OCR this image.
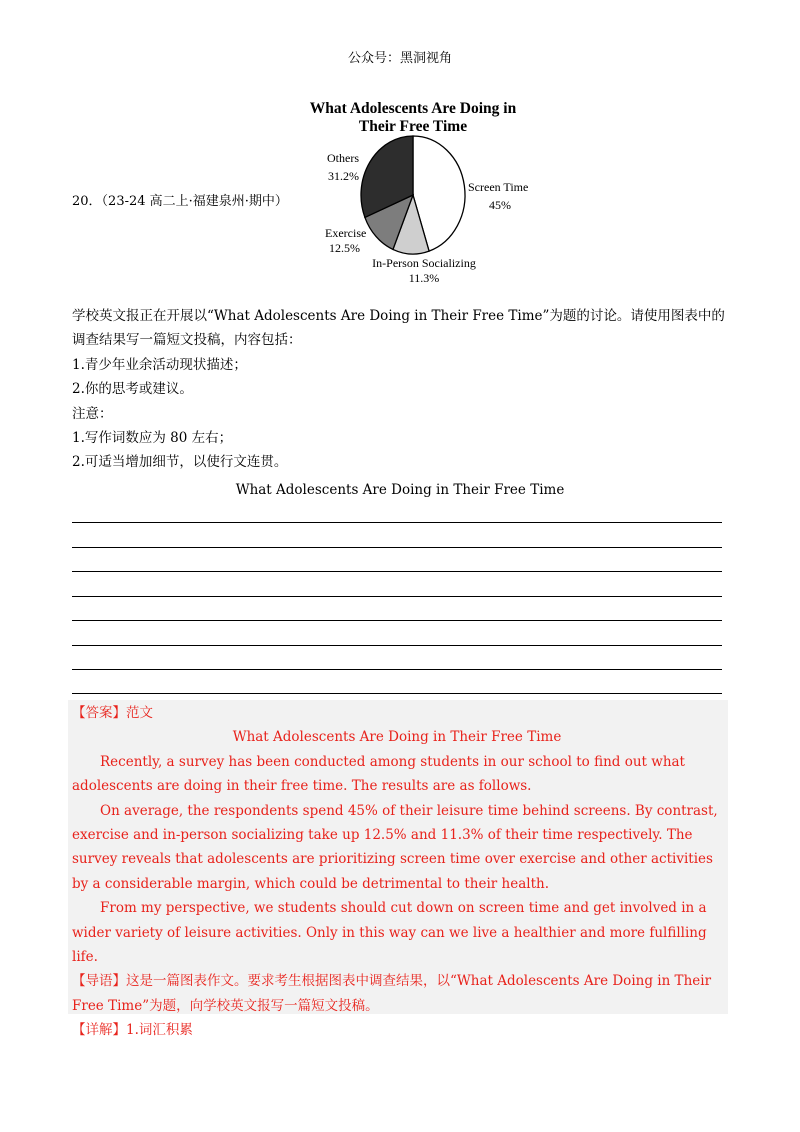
公众号：黑洞视角
20．（23-24 高二上·福建泉州·期中）
What Adolescents Are Doing in
Their Free Time
Others
31.2%
Screen Time
45%
Exercise
12.5%
In-Person Socializing
11.3%

学校英文报正在开展以“What Adolescents Are Doing in Their Free Time”为题的讨论。请使用图表中的调查结果写一篇短文投稿，内容包括：

1.青少年业余活动现状描述；

2.你的思考或建议。

注意：

1.写作词数应为 80 左右；

2.可适当增加细节，以使行文连贯。

What Adolescents Are Doing in Their Free Time

【答案】范文

What Adolescents Are Doing in Their Free Time

Recently, a survey has been conducted among students in our school to find out what adolescents are doing in their free time. The results are as follows.

On average, the respondents spend 45% of their leisure time behind screens. By contrast, exercise and in-person socializing take up 12.5% and 11.3% of their time respectively. The survey reveals that adolescents are prioritizing screen time over exercise and other activities by a considerable margin, which could be detrimental to their health.

From my perspective, we students should cut down on screen time and get involved in a wider variety of leisure activities. Only in this way can we live a healthier and more fulfilling life.

【导语】这是一篇图表作文。要求考生根据图表中调查结果，以“What Adolescents Are Doing in Their Free Time”为题，向学校英文报写一篇短文投稿。

【详解】1.词汇积累
